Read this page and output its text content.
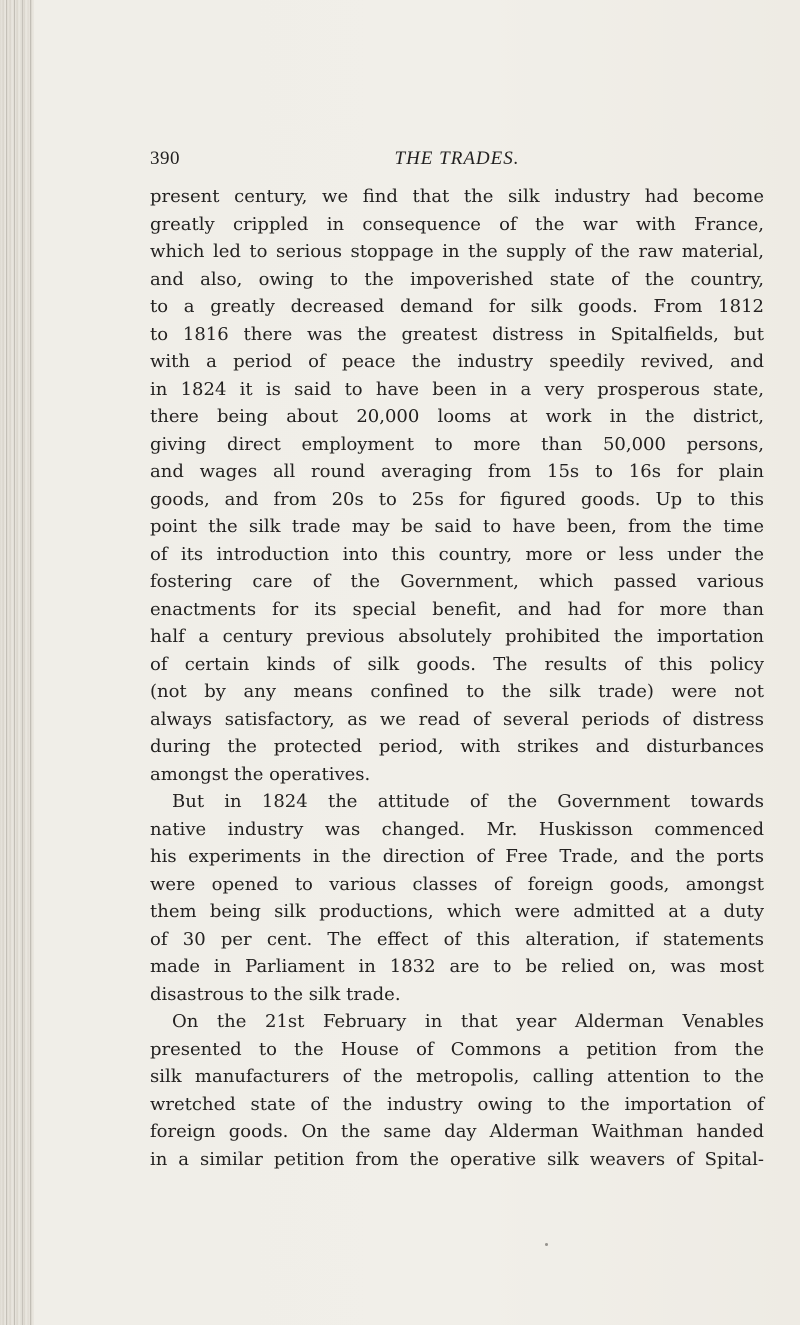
390	THE TRADES.
present century, we find that the silk industry had become
greatly crippled in consequence of the war with France,
which led to serious stoppage in the supply of the raw material,
and also, owing to the impoverished state of the country,
to a greatly decreased demand for silk goods. From 1812
to 1816 there was the greatest distress in Spitalfields, but
with a period of peace the industry speedily revived, and
in 1824 it is said to have been in a very prosperous state,
there being about 20,000 looms at work in the district,
giving direct employment to more than 50,000 persons,
and wages all round averaging from 15s to 16s for plain
goods, and from 20s to 25s for figured goods. Up to this
point the silk trade may be said to have been, from the time
of its introduction into this country, more or less under the
fostering care of the Government, which passed various
enactments for its special benefit, and had for more than
half a century previous absolutely prohibited the importation
of certain kinds of silk goods. The results of this policy
(not by any means confined to the silk trade) were not
always satisfactory, as we read of several periods of distress
during the protected period, with strikes and disturbances
amongst the operatives.
But in 1824 the attitude of the Government towards
native industry was changed. Mr. Huskisson commenced
his experiments in the direction of Free Trade, and the ports
were opened to various classes of foreign goods, amongst
them being silk productions, which were admitted at a duty
of 30 per cent. The effect of this alteration, if statements
made in Parliament in 1832 are to be relied on, was most
disastrous to the silk trade.
On the 21st February in that year Alderman Venables
presented to the House of Commons a petition from the
silk manufacturers of the metropolis, calling attention to the
wretched state of the industry owing to the importation of
foreign goods. On the same day Alderman Waithman handed
in a similar petition from the operative silk weavers of Spital-
